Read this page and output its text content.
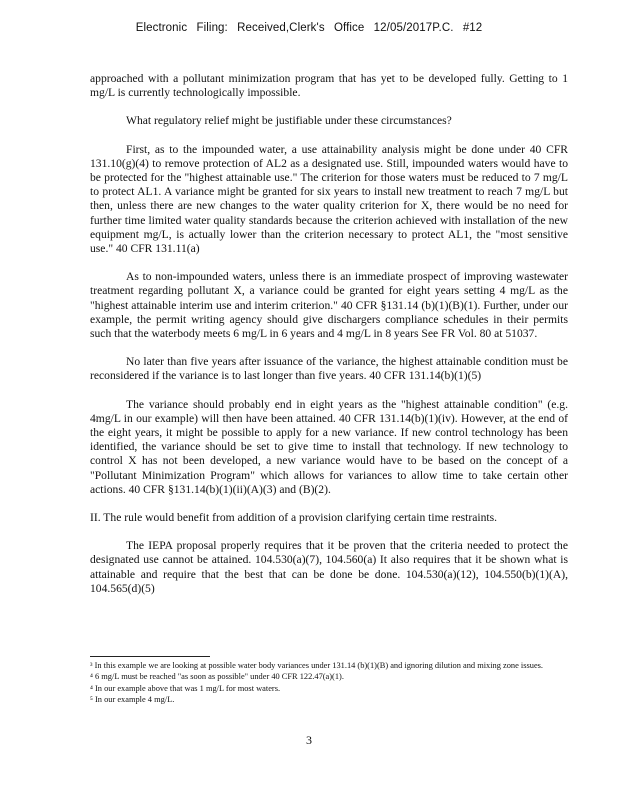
Electronic Filing: Received,Clerk's Office 12/05/2017P.C. #12

approached with a pollutant minimization program that has yet to be developed fully. Getting to 1 mg/L is currently technologically impossible.

What regulatory relief might be justifiable under these circumstances?

First, as to the impounded water, a use attainability analysis might be done under 40 CFR 131.10(g)(4) to remove protection of AL2 as a designated use. Still, impounded waters would have to be protected for the "highest attainable use." The criterion for those waters must be reduced to 7 mg/L to protect AL1. A variance might be granted for six years to install new treatment to reach 7 mg/L but then, unless there are new changes to the water quality criterion for X, there would be no need for further time limited water quality standards because the criterion achieved with installation of the new equipment mg/L, is actually lower than the criterion necessary to protect AL1, the "most sensitive use." 40 CFR 131.11(a)

As to non-impounded waters, unless there is an immediate prospect of improving wastewater treatment regarding pollutant X, a variance could be granted for eight years setting 4 mg/L as the "highest attainable interim use and interim criterion." 40 CFR §131.14 (b)(1)(B)(1). Further, under our example, the permit writing agency should give dischargers compliance schedules in their permits such that the waterbody meets 6 mg/L in 6 years and 4 mg/L in 8 years See FR Vol. 80 at 51037.

No later than five years after issuance of the variance, the highest attainable condition must be reconsidered if the variance is to last longer than five years. 40 CFR 131.14(b)(1)(5)

The variance should probably end in eight years as the "highest attainable condition" (e.g. 4mg/L in our example) will then have been attained. 40 CFR 131.14(b)(1)(iv). However, at the end of the eight years, it might be possible to apply for a new variance. If new control technology has been identified, the variance should be set to give time to install that technology. If new technology to control X has not been developed, a new variance would have to be based on the concept of a "Pollutant Minimization Program" which allows for variances to allow time to take certain other actions. 40 CFR §131.14(b)(1)(ii)(A)(3) and (B)(2).

II. The rule would benefit from addition of a provision clarifying certain time restraints.

The IEPA proposal properly requires that it be proven that the criteria needed to protect the designated use cannot be attained. 104.530(a)(7), 104.560(a) It also requires that it be shown what is attainable and require that the best that can be done be done. 104.530(a)(12), 104.550(b)(1)(A), 104.565(d)(5)

³ In this example we are looking at possible water body variances under 131.14 (b)(1)(B) and ignoring dilution and mixing zone issues.

⁴ 6 mg/L must be reached "as soon as possible" under 40 CFR 122.47(a)(1).

⁴ In our example above that was 1 mg/L for most waters.

⁵ In our example 4 mg/L.

3
